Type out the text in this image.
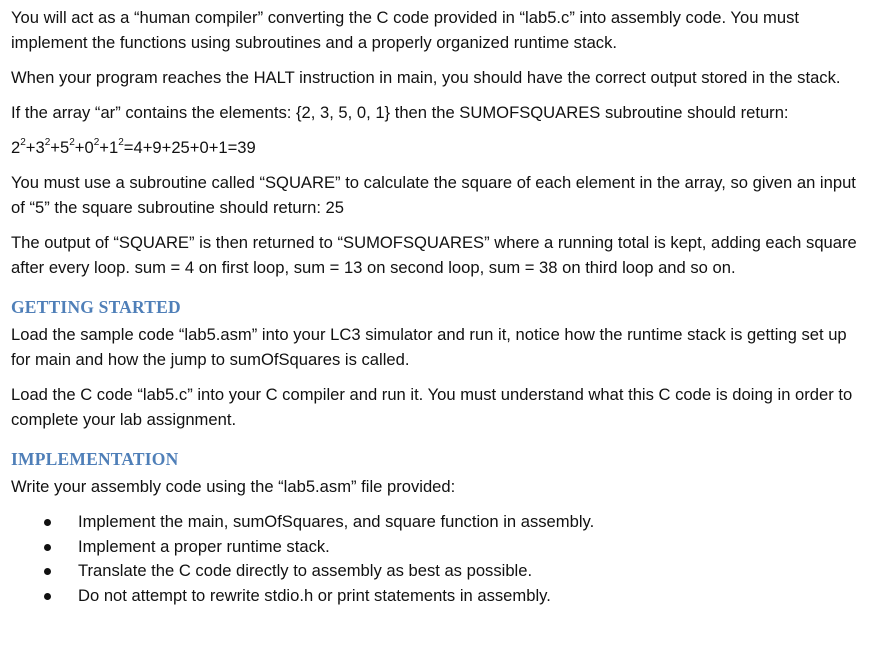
You will act as a “human compiler” converting the C code provided in “lab5.c” into assembly code. You must implement the functions using subroutines and a properly organized runtime stack.

When your program reaches the HALT instruction in main, you should have the correct output stored in the stack.

If the array “ar” contains the elements: {2, 3, 5, 0, 1} then the SUMOFSQUARES subroutine should return:

$2^2+3^2+5^2+0^2+1^2=4+9+25+0+1=39$

You must use a subroutine called “SQUARE” to calculate the square of each element in the array, so given an input of “5” the square subroutine should return: 25

The output of “SQUARE” is then returned to “SUMOFSQUARES” where a running total is kept, adding each square after every loop. sum = 4 on first loop, sum = 13 on second loop, sum = 38 on third loop and so on.

GETTING STARTED

Load the sample code “lab5.asm” into your LC3 simulator and run it, notice how the runtime stack is getting set up for main and how the jump to sumOfSquares is called.

Load the C code “lab5.c” into your C compiler and run it. You must understand what this C code is doing in order to complete your lab assignment.

IMPLEMENTATION

Write your assembly code using the “lab5.asm” file provided:

Implement the main, sumOfSquares, and square function in assembly.
Implement a proper runtime stack.
Translate the C code directly to assembly as best as possible.
Do not attempt to rewrite stdio.h or print statements in assembly.
